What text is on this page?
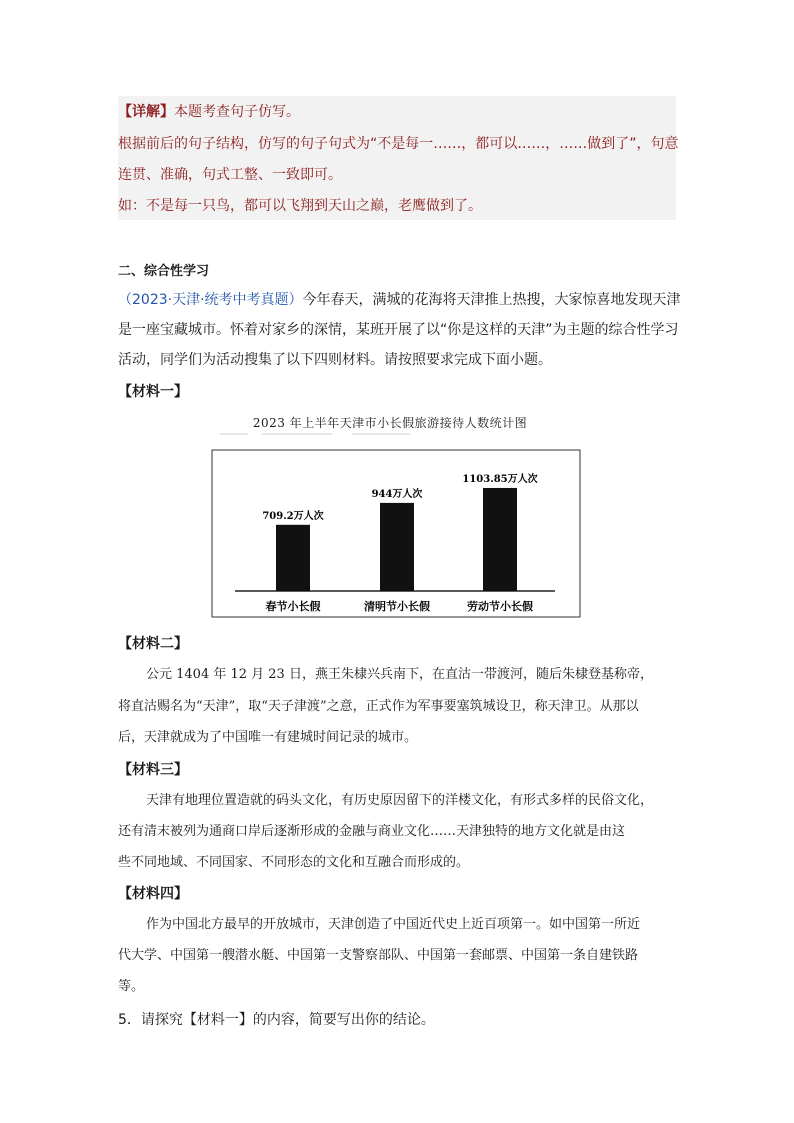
【详解】本题考查句子仿写。
根据前后的句子结构，仿写的句子句式为“不是每一……，都可以……，……做到了”，句意
连贯、准确，句式工整、一致即可。
如：不是每一只鸟，都可以飞翔到天山之巅，老鹰做到了。
二、综合性学习
（2023·天津·统考中考真题）今年春天，满城的花海将天津推上热搜，大家惊喜地发现天津
是一座宝藏城市。怀着对家乡的深情，某班开展了以“你是这样的天津”为主题的综合性学习
活动，同学们为活动搜集了以下四则材料。请按照要求完成下面小题。
【材料一】
2023 年上半年天津市小长假旅游接待人数统计图
709.2万人次
春节小长假
944万人次
清明节小长假
1103.85万人次
劳动节小长假
【材料二】
公元 1404 年 12 月 23 日，燕王朱棣兴兵南下，在直沽一带渡河，随后朱棣登基称帝，
将直沽赐名为“天津”，取“天子津渡”之意，正式作为军事要塞筑城设卫，称天津卫。从那以
后，天津就成为了中国唯一有建城时间记录的城市。
【材料三】
天津有地理位置造就的码头文化，有历史原因留下的洋楼文化，有形式多样的民俗文化，
还有清末被列为通商口岸后逐渐形成的金融与商业文化……天津独特的地方文化就是由这
些不同地域、不同国家、不同形态的文化和互融合而形成的。
【材料四】
作为中国北方最早的开放城市，天津创造了中国近代史上近百项第一。如中国第一所近
代大学、中国第一艘潜水艇、中国第一支警察部队、中国第一套邮票、中国第一条自建铁路
等。
5．请探究【材料一】的内容，简要写出你的结论。
